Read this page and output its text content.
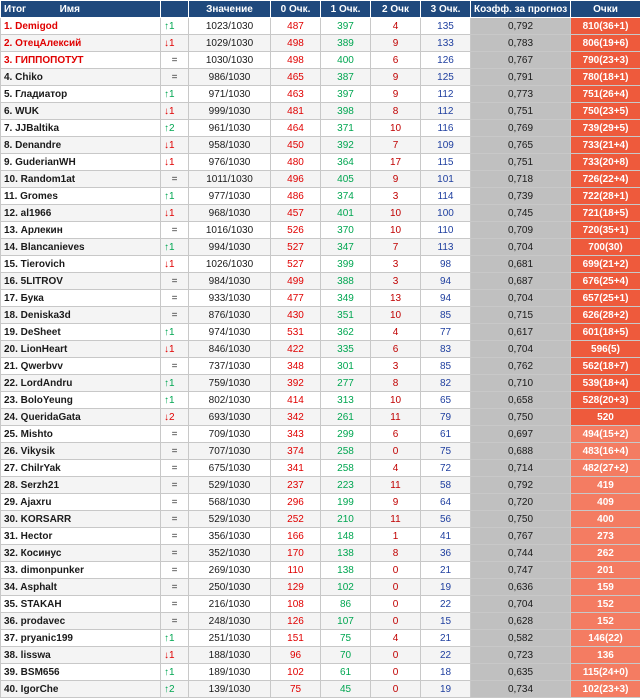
Итог Имя		Значение	0 Очк.	1 Очк.	2 Очк	3 Очк.	Коэфф. за прогноз	Очки
1. Demigod	↑1	1023/1030	487	397	4	135	0,792	810(36+1)
2. ОтецАлексий	↓1	1029/1030	498	389	9	133	0,783	806(19+6)
3. ГИППОПОТУТ	=	1030/1030	498	400	6	126	0,767	790(23+3)
4. Chiko	=	986/1030	465	387	9	125	0,791	780(18+1)
5. Гладиатор	↑1	971/1030	463	397	9	112	0,773	751(26+4)
6. WUK	↓1	999/1030	481	398	8	112	0,751	750(23+5)
7. JJBaltika	↑2	961/1030	464	371	10	116	0,769	739(29+5)
8. Denandre	↓1	958/1030	450	392	7	109	0,765	733(21+4)
9. GuderianWH	↓1	976/1030	480	364	17	115	0,751	733(20+8)
10. Random1at	=	1011/1030	496	405	9	101	0,718	726(22+4)
11. Gromes	↑1	977/1030	486	374	3	114	0,739	722(28+1)
12. al1966	↓1	968/1030	457	401	10	100	0,745	721(18+5)
13. Арлекин	=	1016/1030	526	370	10	110	0,709	720(35+1)
14. Blancanieves	↑1	994/1030	527	347	7	113	0,704	700(30)
15. Tierovich	↓1	1026/1030	527	399	3	98	0,681	699(21+2)
16. 5LITROV	=	984/1030	499	388	3	94	0,687	676(25+4)
17. Бука	=	933/1030	477	349	13	94	0,704	657(25+1)
18. Deniska3d	=	876/1030	430	351	10	85	0,715	626(28+2)
19. DeSheet	↑1	974/1030	531	362	4	77	0,617	601(18+5)
20. LionHeart	↓1	846/1030	422	335	6	83	0,704	596(5)
21. Qwerbvv	=	737/1030	348	301	3	85	0,762	562(18+7)
22. LordAndru	↑1	759/1030	392	277	8	82	0,710	539(18+4)
23. BoloYeung	↑1	802/1030	414	313	10	65	0,658	528(20+3)
24. QueridaGata	↓2	693/1030	342	261	11	79	0,750	520
25. Mishto	=	709/1030	343	299	6	61	0,697	494(15+2)
26. Vikysik	=	707/1030	374	258	0	75	0,688	483(16+4)
27. ChilrYak	=	675/1030	341	258	4	72	0,714	482(27+2)
28. Serzh21	=	529/1030	237	223	11	58	0,792	419
29. Ajaxru	=	568/1030	296	199	9	64	0,720	409
30. KORSARR	=	529/1030	252	210	11	56	0,750	400
31. Hector	=	356/1030	166	148	1	41	0,767	273
32. Косинус	=	352/1030	170	138	8	36	0,744	262
33. dimonpunker	=	269/1030	110	138	0	21	0,747	201
34. Asphalt	=	250/1030	129	102	0	19	0,636	159
35. STAKAH	=	216/1030	108	86	0	22	0,704	152
36. prodavec	=	248/1030	126	107	0	15	0,628	152
37. pryanic199	↑1	251/1030	151	75	4	21	0,582	146(22)
38. lisswa	↓1	188/1030	96	70	0	22	0,723	136
39. BSM656	↑1	189/1030	102	61	0	18	0,635	115(24+0)
40. IgorChe	↑2	139/1030	75	45	0	19	0,734	102(23+3)
